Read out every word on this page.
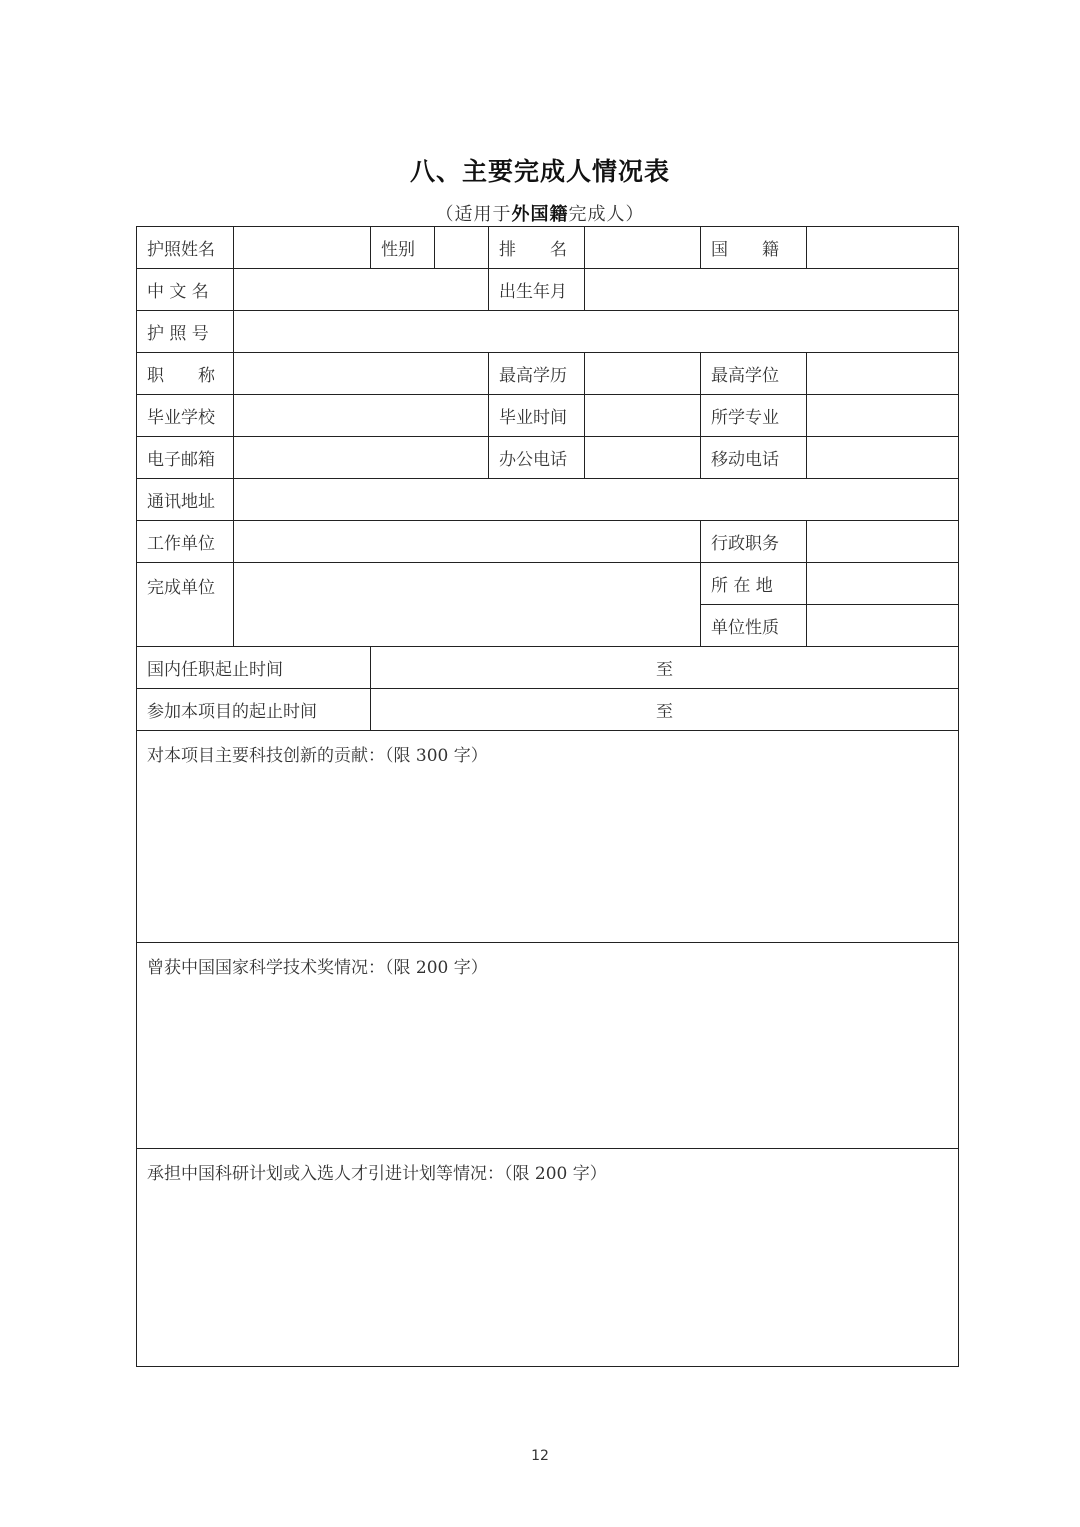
八、主要完成人情况表
（适用于外国籍完成人）
护照姓名		性别		排　　名		国　　籍	
中 文 名				出生年月			
护 照 号							
职　　称				最高学历		最高学位	
毕业学校				毕业时间		所学专业	
电子邮箱				办公电话		移动电话	
通讯地址							
工作单位						行政职务	
完成单位						所 在 地	
						单位性质	
国内任职起止时间		至					
参加本项目的起止时间		至					

对本项目主要科技创新的贡献：（限 300 字）							

曾获中国国家科学技术奖情况：（限 200 字）							

承担中国科研计划或入选人才引进计划等情况：（限 200 字）							
12
